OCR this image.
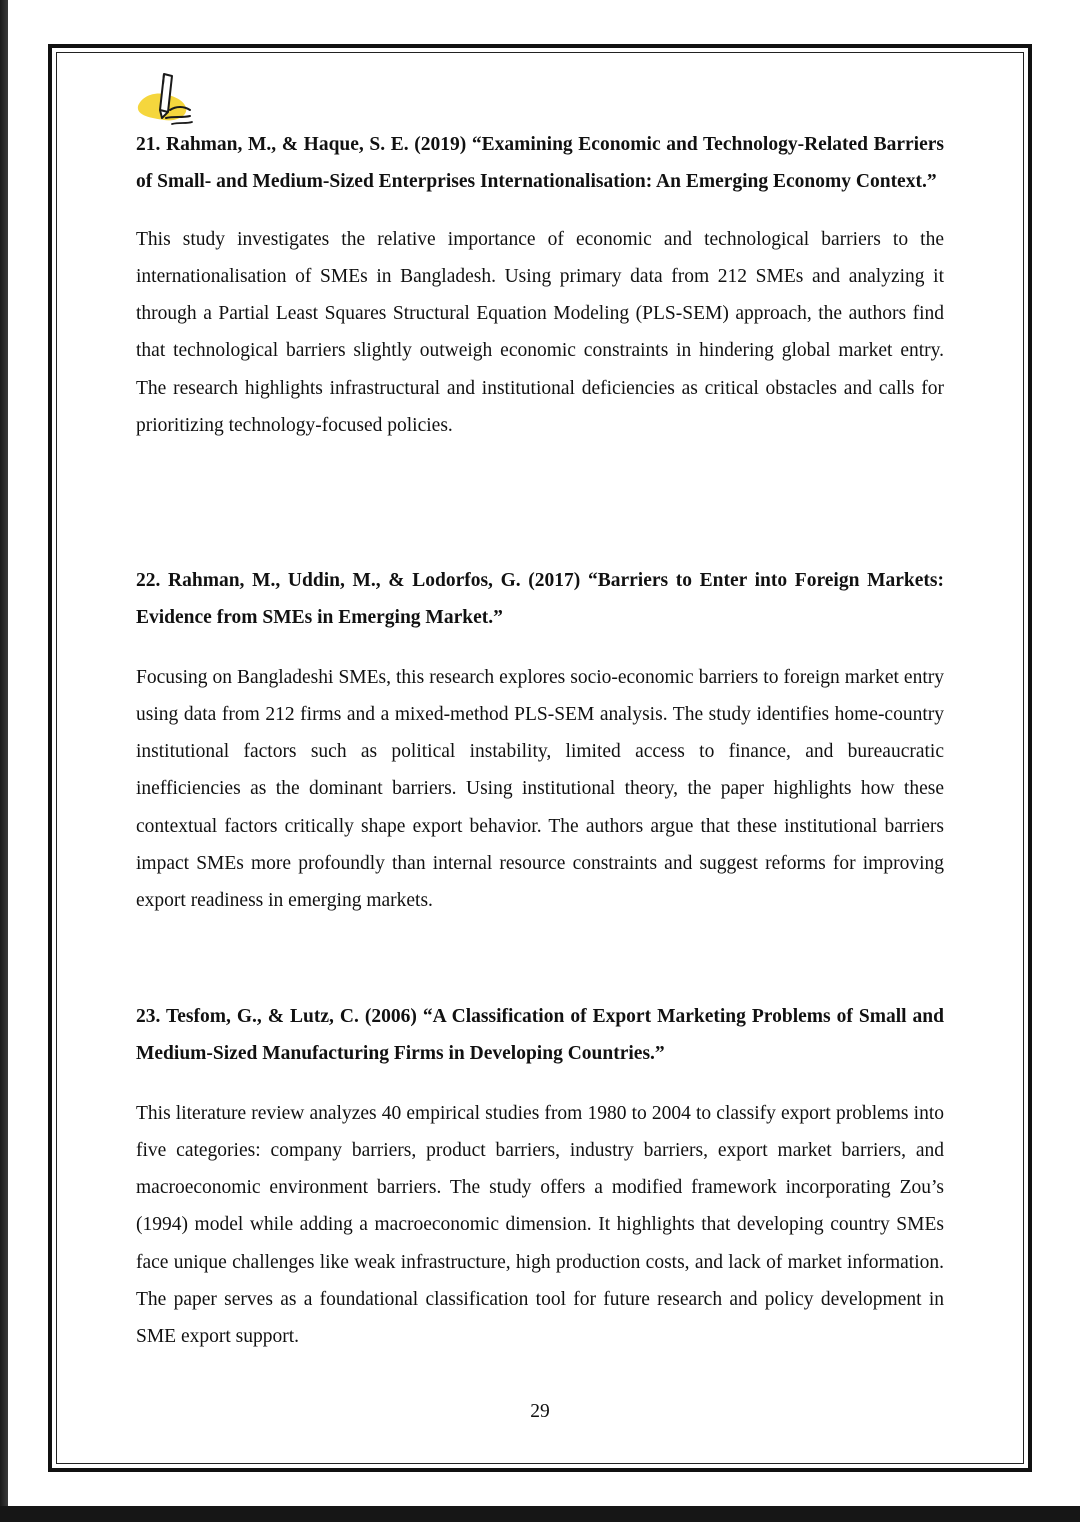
21. Rahman, M., & Haque, S. E. (2019) “Examining Economic and Technology-Related Barriers of Small- and Medium-Sized Enterprises Internationalisation: An Emerging Economy Context.”

This study investigates the relative importance of economic and technological barriers to the internationalisation of SMEs in Bangladesh. Using primary data from 212 SMEs and analyzing it through a Partial Least Squares Structural Equation Modeling (PLS-SEM) approach, the authors find that technological barriers slightly outweigh economic constraints in hindering global market entry. The research highlights infrastructural and institutional deficiencies as critical obstacles and calls for prioritizing technology-focused policies.

22. Rahman, M., Uddin, M., & Lodorfos, G. (2017) “Barriers to Enter into Foreign Markets: Evidence from SMEs in Emerging Market.”

Focusing on Bangladeshi SMEs, this research explores socio-economic barriers to foreign market entry using data from 212 firms and a mixed-method PLS-SEM analysis. The study identifies home-country institutional factors such as political instability, limited access to finance, and bureaucratic inefficiencies as the dominant barriers. Using institutional theory, the paper highlights how these contextual factors critically shape export behavior. The authors argue that these institutional barriers impact SMEs more profoundly than internal resource constraints and suggest reforms for improving export readiness in emerging markets.

23. Tesfom, G., & Lutz, C. (2006) “A Classification of Export Marketing Problems of Small and Medium-Sized Manufacturing Firms in Developing Countries.”

This literature review analyzes 40 empirical studies from 1980 to 2004 to classify export problems into five categories: company barriers, product barriers, industry barriers, export market barriers, and macroeconomic environment barriers. The study offers a modified framework incorporating Zou’s (1994) model while adding a macroeconomic dimension. It highlights that developing country SMEs face unique challenges like weak infrastructure, high production costs, and lack of market information. The paper serves as a foundational classification tool for future research and policy development in SME export support.

29
